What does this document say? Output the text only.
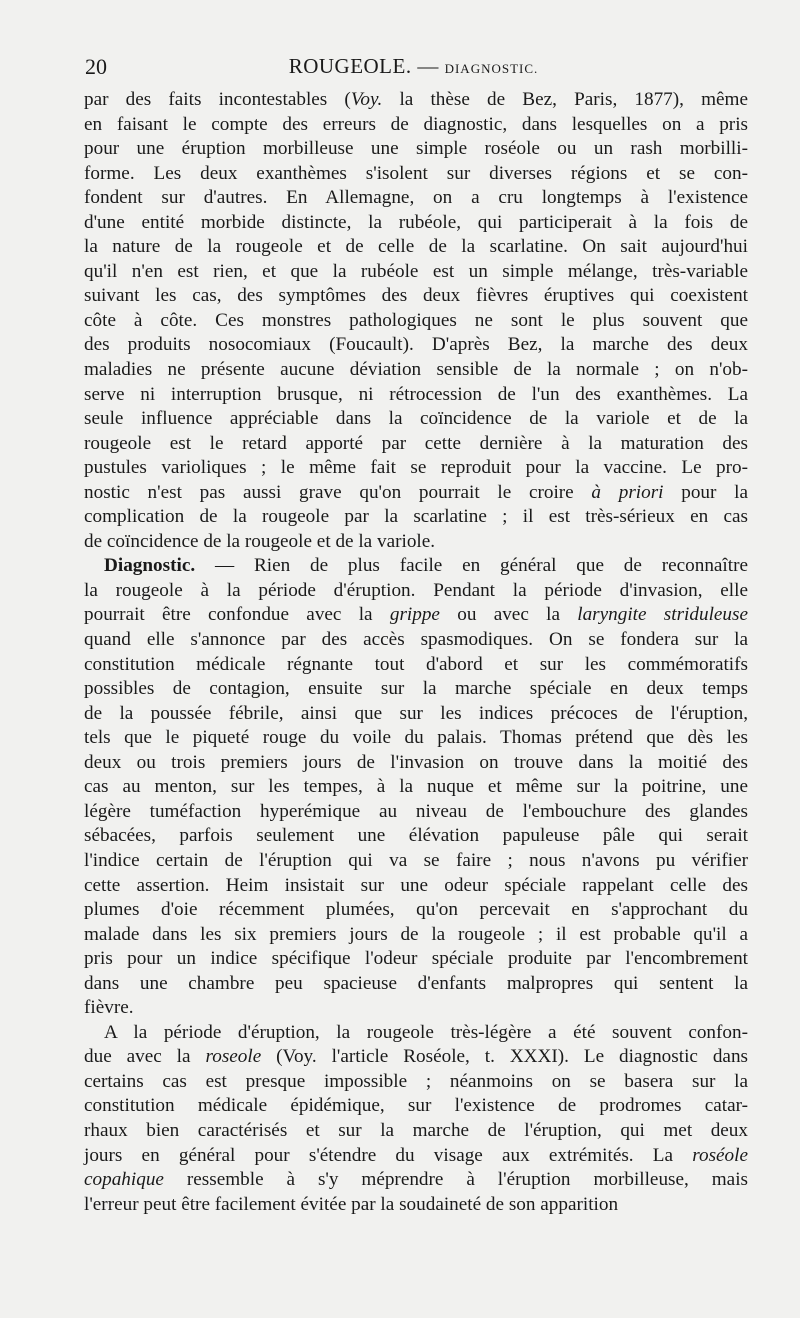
20	ROUGEOLE. — DIAGNOSTIC.
par des faits incontestables (Voy. la thèse de Bez, Paris, 1877), même
en faisant le compte des erreurs de diagnostic, dans lesquelles on a pris
pour une éruption morbilleuse une simple roséole ou un rash morbilli-
forme. Les deux exanthèmes s'isolent sur diverses régions et se con-
fondent sur d'autres. En Allemagne, on a cru longtemps à l'existence
d'une entité morbide distincte, la rubéole, qui participerait à la fois de
la nature de la rougeole et de celle de la scarlatine. On sait aujourd'hui
qu'il n'en est rien, et que la rubéole est un simple mélange, très-variable
suivant les cas, des symptômes des deux fièvres éruptives qui coexistent
côte à côte. Ces monstres pathologiques ne sont le plus souvent que
des produits nosocomiaux (Foucault). D'après Bez, la marche des deux
maladies ne présente aucune déviation sensible de la normale ; on n'ob-
serve ni interruption brusque, ni rétrocession de l'un des exanthèmes. La
seule influence appréciable dans la coïncidence de la variole et de la
rougeole est le retard apporté par cette dernière à la maturation des
pustules varioliques ; le même fait se reproduit pour la vaccine. Le pro-
nostic n'est pas aussi grave qu'on pourrait le croire à priori pour la
complication de la rougeole par la scarlatine ; il est très-sérieux en cas
de coïncidence de la rougeole et de la variole.
Diagnostic. — Rien de plus facile en général que de reconnaître
la rougeole à la période d'éruption. Pendant la période d'invasion, elle
pourrait être confondue avec la grippe ou avec la laryngite striduleuse
quand elle s'annonce par des accès spasmodiques. On se fondera sur la
constitution médicale régnante tout d'abord et sur les commémoratifs
possibles de contagion, ensuite sur la marche spéciale en deux temps
de la poussée fébrile, ainsi que sur les indices précoces de l'éruption,
tels que le piqueté rouge du voile du palais. Thomas prétend que dès les
deux ou trois premiers jours de l'invasion on trouve dans la moitié des
cas au menton, sur les tempes, à la nuque et même sur la poitrine, une
légère tuméfaction hyperémique au niveau de l'embouchure des glandes
sébacées, parfois seulement une élévation papuleuse pâle qui serait
l'indice certain de l'éruption qui va se faire ; nous n'avons pu vérifier
cette assertion. Heim insistait sur une odeur spéciale rappelant celle des
plumes d'oie récemment plumées, qu'on percevait en s'approchant du
malade dans les six premiers jours de la rougeole ; il est probable qu'il a
pris pour un indice spécifique l'odeur spéciale produite par l'encombrement
dans une chambre peu spacieuse d'enfants malpropres qui sentent la
fièvre.
A la période d'éruption, la rougeole très-légère a été souvent confon-
due avec la roseole (Voy. l'article Roséole, t. XXXI). Le diagnostic dans
certains cas est presque impossible ; néanmoins on se basera sur la
constitution médicale épidémique, sur l'existence de prodromes catar-
rhaux bien caractérisés et sur la marche de l'éruption, qui met deux
jours en général pour s'étendre du visage aux extrémités. La roséole
copahique ressemble à s'y méprendre à l'éruption morbilleuse, mais
l'erreur peut être facilement évitée par la soudaineté de son apparition
